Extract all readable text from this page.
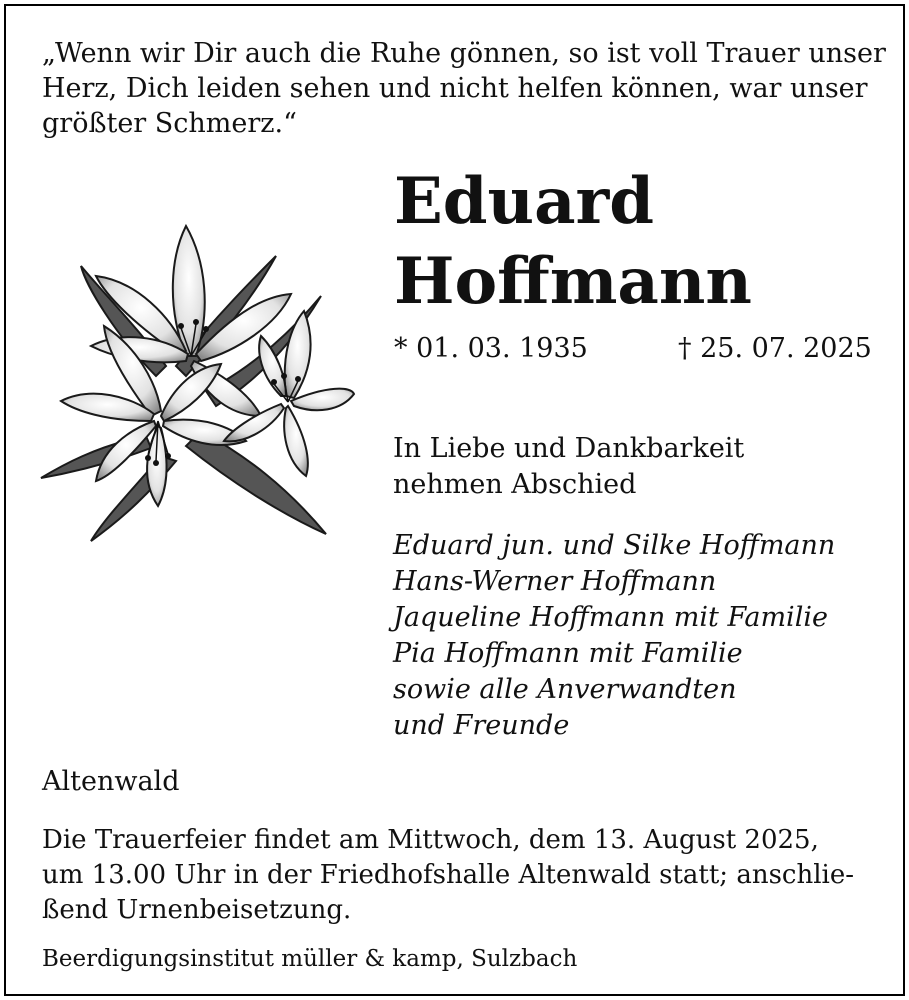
„Wenn wir Dir auch die Ruhe gönnen, so ist voll Trauer unser
Herz, Dich leiden sehen und nicht helfen können, war unser
größter Schmerz.“
Eduard
Hoffmann
* 01. 03. 1935	† 25. 07. 2025
In Liebe und Dankbarkeit
nehmen Abschied
Eduard jun. und Silke Hoffmann
Hans-Werner Hoffmann
Jaqueline Hoffmann mit Familie
Pia Hoffmann mit Familie
sowie alle Anverwandten
und Freunde
Altenwald
Die Trauerfeier findet am Mittwoch, dem 13. August 2025,
um 13.00 Uhr in der Friedhofshalle Altenwald statt; anschlie-
ßend Urnenbeisetzung.
Beerdigungsinstitut müller & kamp, Sulzbach
